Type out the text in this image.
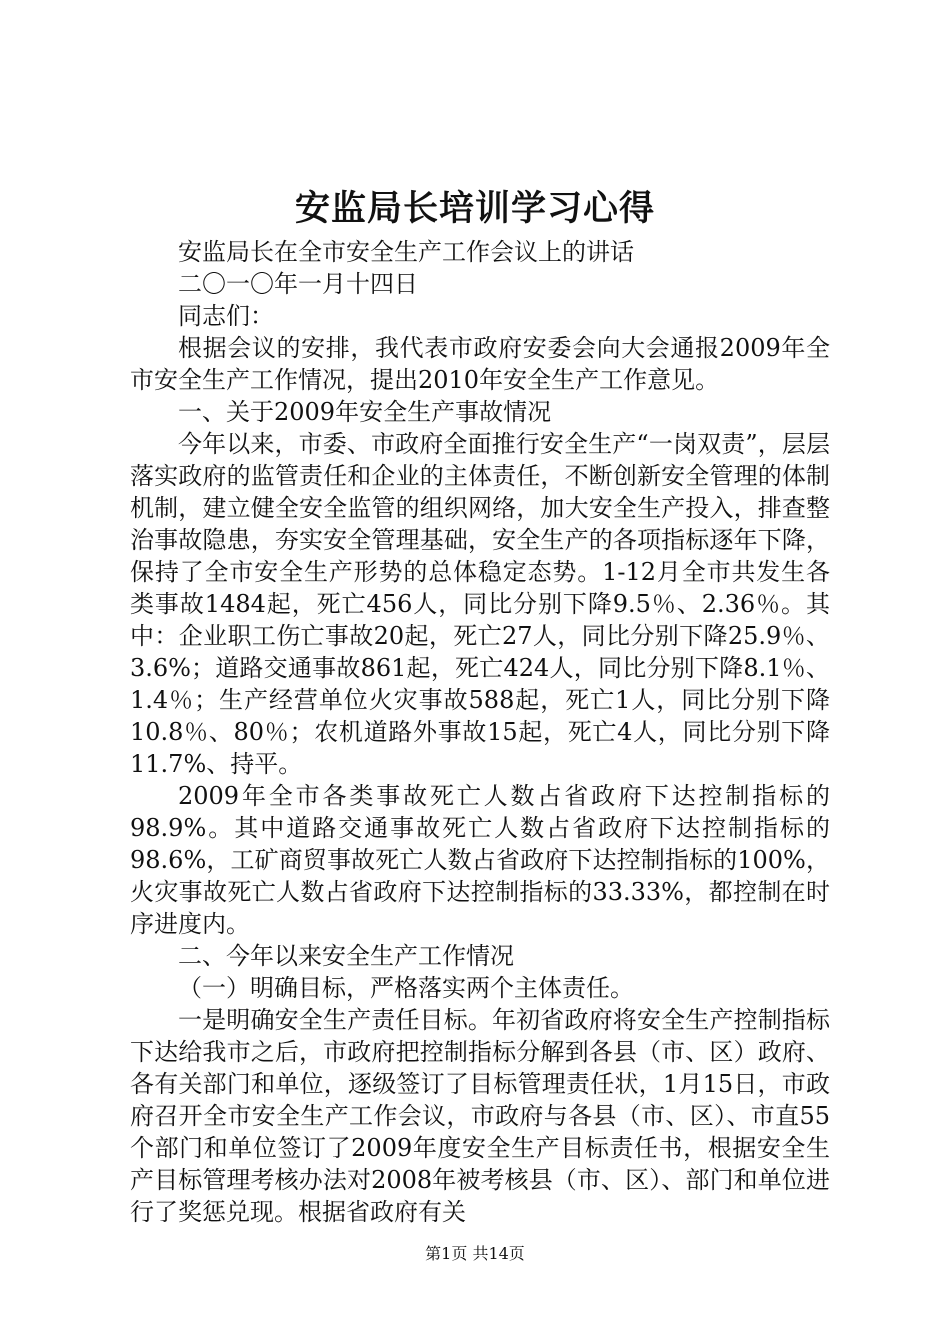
安监局长培训学习心得

安监局长在全市安全生产工作会议上的讲话

二〇一〇年一月十四日

同志们：

根据会议的安排，我代表市政府安委会向大会通报2009年全市安全生产工作情况，提出2010年安全生产工作意见。

一、关于2009年安全生产事故情况

今年以来，市委、市政府全面推行安全生产“一岗双责”，层层落实政府的监管责任和企业的主体责任，不断创新安全管理的体制机制，建立健全安全监管的组织网络，加大安全生产投入，排查整治事故隐患，夯实安全管理基础，安全生产的各项指标逐年下降，保持了全市安全生产形势的总体稳定态势。1-12月全市共发生各类事故1484起，死亡456人，同比分别下降9.5％、2.36％。其中：企业职工伤亡事故20起，死亡27人，同比分别下降25.9％、3.6%；道路交通事故861起，死亡424人，同比分别下降8.1％、1.4％；生产经营单位火灾事故588起，死亡1人，同比分别下降10.8％、80％；农机道路外事故15起，死亡4人，同比分别下降11.7%、持平。

2009年全市各类事故死亡人数占省政府下达控制指标的98.9%。其中道路交通事故死亡人数占省政府下达控制指标的98.6%，工矿商贸事故死亡人数占省政府下达控制指标的100%，火灾事故死亡人数占省政府下达控制指标的33.33%，都控制在时序进度内。

二、今年以来安全生产工作情况

（一）明确目标，严格落实两个主体责任。

一是明确安全生产责任目标。年初省政府将安全生产控制指标下达给我市之后，市政府把控制指标分解到各县（市、区）政府、各有关部门和单位，逐级签订了目标管理责任状，1月15日，市政府召开全市安全生产工作会议，市政府与各县（市、区）、市直55个部门和单位签订了2009年度安全生产目标责任书，根据安全生产目标管理考核办法对2008年被考核县（市、区）、部门和单位进行了奖惩兑现。根据省政府有关

第1页 共14页
